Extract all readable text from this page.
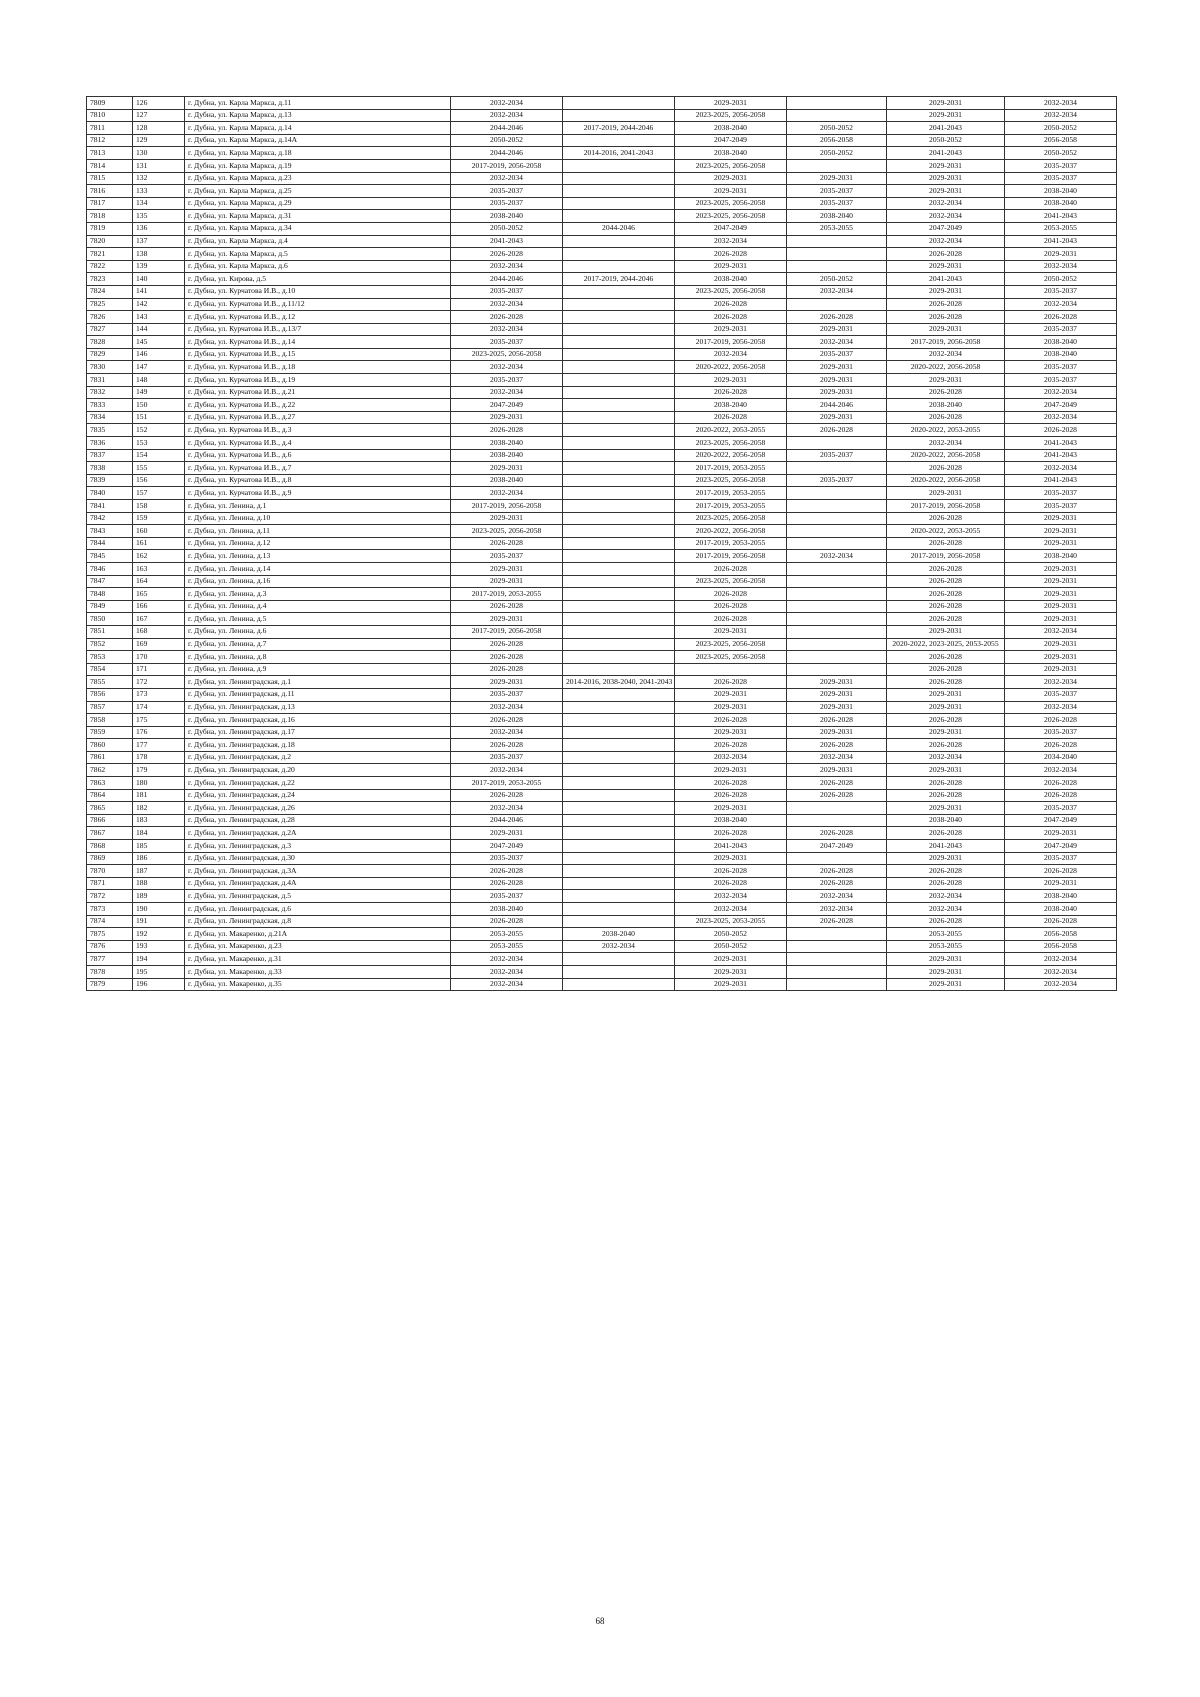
7809	126	г. Дубна, ул. Карла Маркса, д.11	2032-2034		2029-2031		2029-2031	2032-2034
7810	127	г. Дубна, ул. Карла Маркса, д.13	2032-2034		2023-2025, 2056-2058		2029-2031	2032-2034
7811	128	г. Дубна, ул. Карла Маркса, д.14	2044-2046	2017-2019, 2044-2046	2038-2040	2050-2052	2041-2043	2050-2052
7812	129	г. Дубна, ул. Карла Маркса, д.14А	2050-2052		2047-2049	2056-2058	2050-2052	2056-2058
7813	130	г. Дубна, ул. Карла Маркса, д.18	2044-2046	2014-2016, 2041-2043	2038-2040	2050-2052	2041-2043	2050-2052
7814	131	г. Дубна, ул. Карла Маркса, д.19	2017-2019, 2056-2058		2023-2025, 2056-2058		2029-2031	2035-2037
7815	132	г. Дубна, ул. Карла Маркса, д.23	2032-2034		2029-2031	2029-2031	2029-2031	2035-2037
7816	133	г. Дубна, ул. Карла Маркса, д.25	2035-2037		2029-2031	2035-2037	2029-2031	2038-2040
7817	134	г. Дубна, ул. Карла Маркса, д.29	2035-2037		2023-2025, 2056-2058	2035-2037	2032-2034	2038-2040
7818	135	г. Дубна, ул. Карла Маркса, д.31	2038-2040		2023-2025, 2056-2058	2038-2040	2032-2034	2041-2043
7819	136	г. Дубна, ул. Карла Маркса, д.34	2050-2052	2044-2046	2047-2049	2053-2055	2047-2049	2053-2055
7820	137	г. Дубна, ул. Карла Маркса, д.4	2041-2043		2032-2034		2032-2034	2041-2043
7821	138	г. Дубна, ул. Карла Маркса, д.5	2026-2028		2026-2028		2026-2028	2029-2031
7822	139	г. Дубна, ул. Карла Маркса, д.6	2032-2034		2029-2031		2029-2031	2032-2034
7823	140	г. Дубна, ул. Кирова, д.5	2044-2046	2017-2019, 2044-2046	2038-2040	2050-2052	2041-2043	2050-2052
7824	141	г. Дубна, ул. Курчатова И.В., д.10	2035-2037		2023-2025, 2056-2058	2032-2034	2029-2031	2035-2037
7825	142	г. Дубна, ул. Курчатова И.В., д.11/12	2032-2034		2026-2028		2026-2028	2032-2034
7826	143	г. Дубна, ул. Курчатова И.В., д.12	2026-2028		2026-2028	2026-2028	2026-2028	2026-2028
7827	144	г. Дубна, ул. Курчатова И.В., д.13/7	2032-2034		2029-2031	2029-2031	2029-2031	2035-2037
7828	145	г. Дубна, ул. Курчатова И.В., д.14	2035-2037		2017-2019, 2056-2058	2032-2034	2017-2019, 2056-2058	2038-2040
7829	146	г. Дубна, ул. Курчатова И.В., д.15	2023-2025, 2056-2058		2032-2034	2035-2037	2032-2034	2038-2040
7830	147	г. Дубна, ул. Курчатова И.В., д.18	2032-2034		2020-2022, 2056-2058	2029-2031	2020-2022, 2056-2058	2035-2037
7831	148	г. Дубна, ул. Курчатова И.В., д.19	2035-2037		2029-2031	2029-2031	2029-2031	2035-2037
7832	149	г. Дубна, ул. Курчатова И.В., д.21	2032-2034		2026-2028	2029-2031	2026-2028	2032-2034
7833	150	г. Дубна, ул. Курчатова И.В., д.22	2047-2049		2038-2040	2044-2046	2038-2040	2047-2049
7834	151	г. Дубна, ул. Курчатова И.В., д.27	2029-2031		2026-2028	2029-2031	2026-2028	2032-2034
7835	152	г. Дубна, ул. Курчатова И.В., д.3	2026-2028		2020-2022, 2053-2055	2026-2028	2020-2022, 2053-2055	2026-2028
7836	153	г. Дубна, ул. Курчатова И.В., д.4	2038-2040		2023-2025, 2056-2058		2032-2034	2041-2043
7837	154	г. Дубна, ул. Курчатова И.В., д.6	2038-2040		2020-2022, 2056-2058	2035-2037	2020-2022, 2056-2058	2041-2043
7838	155	г. Дубна, ул. Курчатова И.В., д.7	2029-2031		2017-2019, 2053-2055		2026-2028	2032-2034
7839	156	г. Дубна, ул. Курчатова И.В., д.8	2038-2040		2023-2025, 2056-2058	2035-2037	2020-2022, 2056-2058	2041-2043
7840	157	г. Дубна, ул. Курчатова И.В., д.9	2032-2034		2017-2019, 2053-2055		2029-2031	2035-2037
7841	158	г. Дубна, ул. Ленина, д.1	2017-2019, 2056-2058		2017-2019, 2053-2055		2017-2019, 2056-2058	2035-2037
7842	159	г. Дубна, ул. Ленина, д.10	2029-2031		2023-2025, 2056-2058		2026-2028	2029-2031
7843	160	г. Дубна, ул. Ленина, д.11	2023-2025, 2056-2058		2020-2022, 2056-2058		2020-2022, 2053-2055	2029-2031
7844	161	г. Дубна, ул. Ленина, д.12	2026-2028		2017-2019, 2053-2055		2026-2028	2029-2031
7845	162	г. Дубна, ул. Ленина, д.13	2035-2037		2017-2019, 2056-2058	2032-2034	2017-2019, 2056-2058	2038-2040
7846	163	г. Дубна, ул. Ленина, д.14	2029-2031		2026-2028		2026-2028	2029-2031
7847	164	г. Дубна, ул. Ленина, д.16	2029-2031		2023-2025, 2056-2058		2026-2028	2029-2031
7848	165	г. Дубна, ул. Ленина, д.3	2017-2019, 2053-2055		2026-2028		2026-2028	2029-2031
7849	166	г. Дубна, ул. Ленина, д.4	2026-2028		2026-2028		2026-2028	2029-2031
7850	167	г. Дубна, ул. Ленина, д.5	2029-2031		2026-2028		2026-2028	2029-2031
7851	168	г. Дубна, ул. Ленина, д.6	2017-2019, 2056-2058		2029-2031		2029-2031	2032-2034
7852	169	г. Дубна, ул. Ленина, д.7	2026-2028		2023-2025, 2056-2058		2020-2022, 2023-2025, 2053-2055	2029-2031
7853	170	г. Дубна, ул. Ленина, д.8	2026-2028		2023-2025, 2056-2058		2026-2028	2029-2031
7854	171	г. Дубна, ул. Ленина, д.9	2026-2028				2026-2028	2029-2031
7855	172	г. Дубна, ул. Ленинградская, д.1	2029-2031	2014-2016, 2038-2040, 2041-2043	2026-2028	2029-2031	2026-2028	2032-2034
7856	173	г. Дубна, ул. Ленинградская, д.11	2035-2037		2029-2031	2029-2031	2029-2031	2035-2037
7857	174	г. Дубна, ул. Ленинградская, д.13	2032-2034		2029-2031	2029-2031	2029-2031	2032-2034
7858	175	г. Дубна, ул. Ленинградская, д.16	2026-2028		2026-2028	2026-2028	2026-2028	2026-2028
7859	176	г. Дубна, ул. Ленинградская, д.17	2032-2034		2029-2031	2029-2031	2029-2031	2035-2037
7860	177	г. Дубна, ул. Ленинградская, д.18	2026-2028		2026-2028	2026-2028	2026-2028	2026-2028
7861	178	г. Дубна, ул. Ленинградская, д.2	2035-2037		2032-2034	2032-2034	2032-2034	2034-2040
7862	179	г. Дубна, ул. Ленинградская, д.20	2032-2034		2029-2031	2029-2031	2029-2031	2032-2034
7863	180	г. Дубна, ул. Ленинградская, д.22	2017-2019, 2053-2055		2026-2028	2026-2028	2026-2028	2026-2028
7864	181	г. Дубна, ул. Ленинградская, д.24	2026-2028		2026-2028	2026-2028	2026-2028	2026-2028
7865	182	г. Дубна, ул. Ленинградская, д.26	2032-2034		2029-2031		2029-2031	2035-2037
7866	183	г. Дубна, ул. Ленинградская, д.28	2044-2046		2038-2040		2038-2040	2047-2049
7867	184	г. Дубна, ул. Ленинградская, д.2А	2029-2031		2026-2028	2026-2028	2026-2028	2029-2031
7868	185	г. Дубна, ул. Ленинградская, д.3	2047-2049		2041-2043	2047-2049	2041-2043	2047-2049
7869	186	г. Дубна, ул. Ленинградская, д.30	2035-2037		2029-2031		2029-2031	2035-2037
7870	187	г. Дубна, ул. Ленинградская, д.3А	2026-2028		2026-2028	2026-2028	2026-2028	2026-2028
7871	188	г. Дубна, ул. Ленинградская, д.4А	2026-2028		2026-2028	2026-2028	2026-2028	2029-2031
7872	189	г. Дубна, ул. Ленинградская, д.5	2035-2037		2032-2034	2032-2034	2032-2034	2038-2040
7873	190	г. Дубна, ул. Ленинградская, д.6	2038-2040		2032-2034	2032-2034	2032-2034	2038-2040
7874	191	г. Дубна, ул. Ленинградская, д.8	2026-2028		2023-2025, 2053-2055	2026-2028	2026-2028	2026-2028
7875	192	г. Дубна, ул. Макаренко, д.21А	2053-2055	2038-2040	2050-2052		2053-2055	2056-2058
7876	193	г. Дубна, ул. Макаренко, д.23	2053-2055	2032-2034	2050-2052		2053-2055	2056-2058
7877	194	г. Дубна, ул. Макаренко, д.31	2032-2034		2029-2031		2029-2031	2032-2034
7878	195	г. Дубна, ул. Макаренко, д.33	2032-2034		2029-2031		2029-2031	2032-2034
7879	196	г. Дубна, ул. Макаренко, д.35	2032-2034		2029-2031		2029-2031	2032-2034
68
